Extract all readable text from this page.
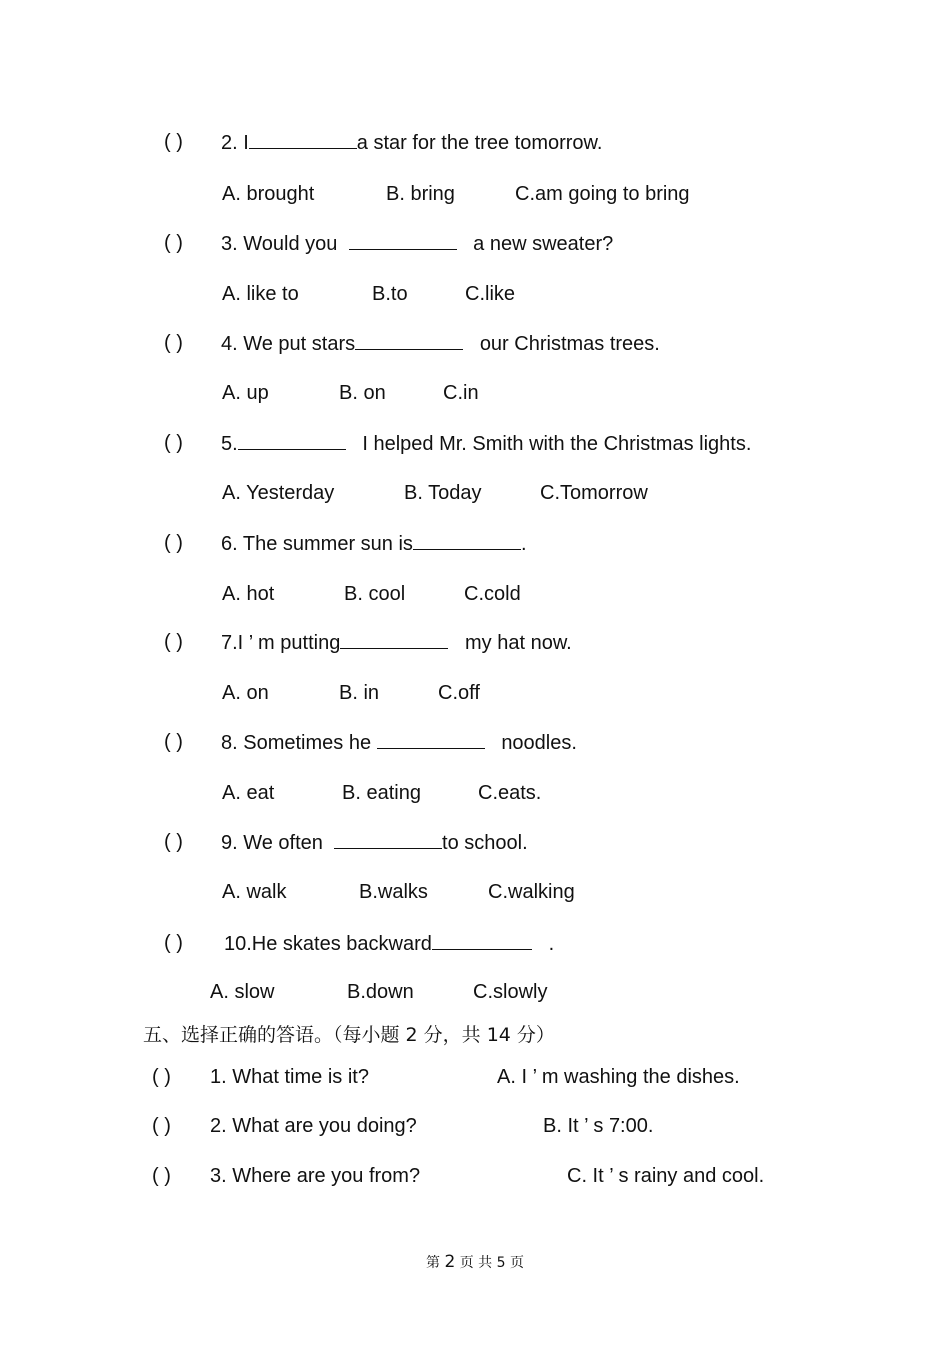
( ) 2. I	a star for the tree tomorrow.
A. brought	B. bring	C.am going to bring
( ) 3. Would you	a new sweater?
A. like to	B.to	C.like
( ) 4. We put stars	our Christmas trees.
A. up	B. on	C.in
( ) 5.	I helped Mr. Smith with the Christmas lights.
A. Yesterday	B. Today	C.Tomorrow
( ) 6. The summer sun is	.
A. hot	B. cool	C.cold
( ) 7.I ’ m putting	my hat now.
A. on	B. in	C.off
( ) 8. Sometimes he	noodles.
A. eat	B. eating	C.eats.
( ) 9. We often	to school.
A. walk	B.walks	C.walking
( ) 10.He skates backward	.
A. slow	B.down	C.slowly
五、选择正确的答语。（每小题 2 分，共 14 分）
( ) 1. What time is it?	A. I ’ m washing the dishes.
( ) 2. What are you doing?	B. It ’ s 7:00.
( ) 3. Where are you from?	C. It ’ s rainy and cool.
第 2 页 共 5 页
